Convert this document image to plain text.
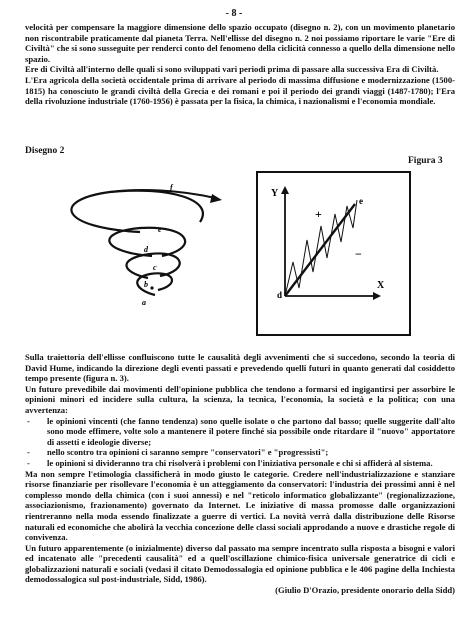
- 8 -

velocità per compensare la maggiore dimensione dello spazio occupato (disegno n. 2), con un movimento planetario non riscontrabile praticamente dal pianeta Terra. Nell'ellisse del disegno n. 2 noi possiamo riportare le varie "Ere di Civiltà" che si sono susseguite per renderci conto del fenomeno della ciclicità connesso a quello della dimensione nello spazio.

Ere di Civiltà all'interno delle quali si sono sviluppati vari periodi prima di passare alla successiva Era di Civiltà.

L'Era agricola della società occidentale prima di arrivare al periodo di massima diffusione e modernizzazione (1500-1815) ha conosciuto le grandi civiltà della Grecia e dei romani e poi il periodo dei grandi viaggi (1487-1780); l'Era della rivoluzione industriale (1760-1956) è passata per la fisica, la chimica, i nazionalismi e l'economia mondiale.

Disegno 2
Figura 3
f
e
d
c
b
a
Y
X
d
e
+
−

Sulla traiettoria dell'ellisse confluiscono tutte le causalità degli avvenimenti che si succedono, secondo la teoria di David Hume, indicando la direzione degli eventi passati e prevedendo quelli futuri in quanto generati dal cosiddetto tempo presente (figura n. 3).

Un futuro prevedibile dai movimenti dell'opinione pubblica che tendono a formarsi ed ingigantirsi per assorbire le opinioni minori ed incidere sulla cultura, la scienza, la tecnica, l'economia, la società e la politica; con una avvertenza:

- le opinioni vincenti (che fanno tendenza) sono quelle isolate o che partono dal basso; quelle suggerite dall'alto sono mode effimere, volte solo a mantenere il potere finché sia possibile onde ritardare il "nuovo" apportatore di assetti e ideologie diverse;
- nello scontro tra opinioni ci saranno sempre "conservatori" e "progressisti";
- le opinioni si divideranno tra chi risolverà i problemi con l'iniziativa personale e chi si affiderà al sistema.

Ma non sempre l'etimologia classificherà in modo giusto le categorie. Credere nell'industrializzazione e stanziare risorse finanziarie per risollevare l'economia è un atteggiamento da conservatori: l'industria dei prossimi anni è nel complesso mondo della chimica (con i suoi annessi) e nel "reticolo informatico globalizzante" (regionalizzazione, associazionismo, frazionamento) governato da Internet. Le iniziative di massa promosse dalle organizzazioni rientreranno nella moda essendo finalizzate a guerre di vertici. La novità verrà dalla distribuzione delle Risorse naturali ed economiche che abolirà la vecchia concezione delle classi sociali approdando a nuove e drastiche regole di convivenza.

Un futuro apparentemente (o inizialmente) diverso dal passato ma sempre incentrato sulla risposta a bisogni e valori ed incatenato alle "precedenti causalità" ed a quell'oscillazione chimico-fisica universale generatrice di cicli e globalizzazioni naturali e sociali (vedasi il citato Demodossalogia ed opinione pubblica e le 406 pagine della Inchiesta demodossalogica sul post-industriale, Sidd, 1986).

(Giulio D'Orazio, presidente onorario della Sidd)
